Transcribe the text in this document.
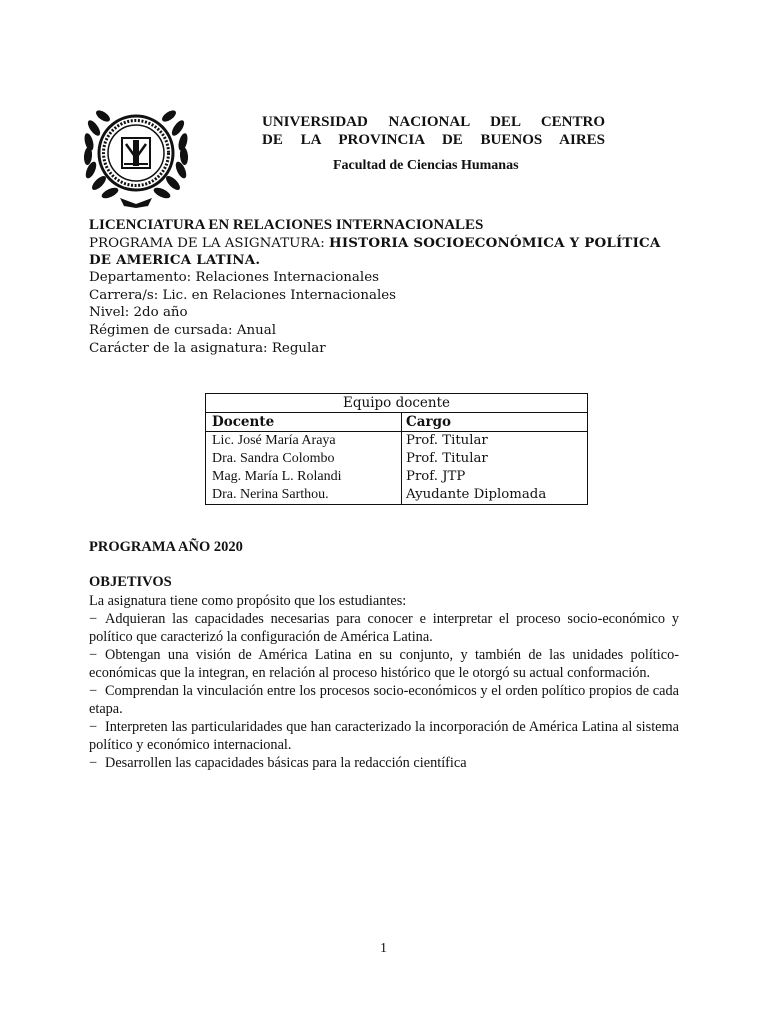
UNIVERSIDAD NACIONAL DEL CENTRO
DE LA PROVINCIA DE BUENOS AIRES
Facultad de Ciencias Humanas
LICENCIATURA EN RELACIONES INTERNACIONALES
PROGRAMA DE LA ASIGNATURA: HISTORIA SOCIOECONÓMICA Y POLÍTICA
DE AMERICA LATINA.
Departamento: Relaciones Internacionales
Carrera/s: Lic. en Relaciones Internacionales
Nivel: 2do año
Régimen de cursada: Anual
Carácter de la asignatura: Regular
Equipo docente	
Docente	Cargo
Lic. José María Araya	Prof. Titular
Dra. Sandra Colombo	Prof. Titular
Mag. María L. Rolandi	Prof. JTP
Dra. Nerina Sarthou.	Ayudante Diplomada
PROGRAMA AÑO 2020
OBJETIVOS

La asignatura tiene como propósito que los estudiantes:

− Adquieran las capacidades necesarias para conocer e interpretar el proceso socio-económico y político que caracterizó la configuración de América Latina.

− Obtengan una visión de América Latina en su conjunto, y también de las unidades político-económicas que la integran, en relación al proceso histórico que le otorgó su actual conformación.

− Comprendan la vinculación entre los procesos socio-económicos y el orden político propios de cada etapa.

− Interpreten las particularidades que han caracterizado la incorporación de América Latina al sistema político y económico internacional.

− Desarrollen las capacidades básicas para la redacción científica

1
